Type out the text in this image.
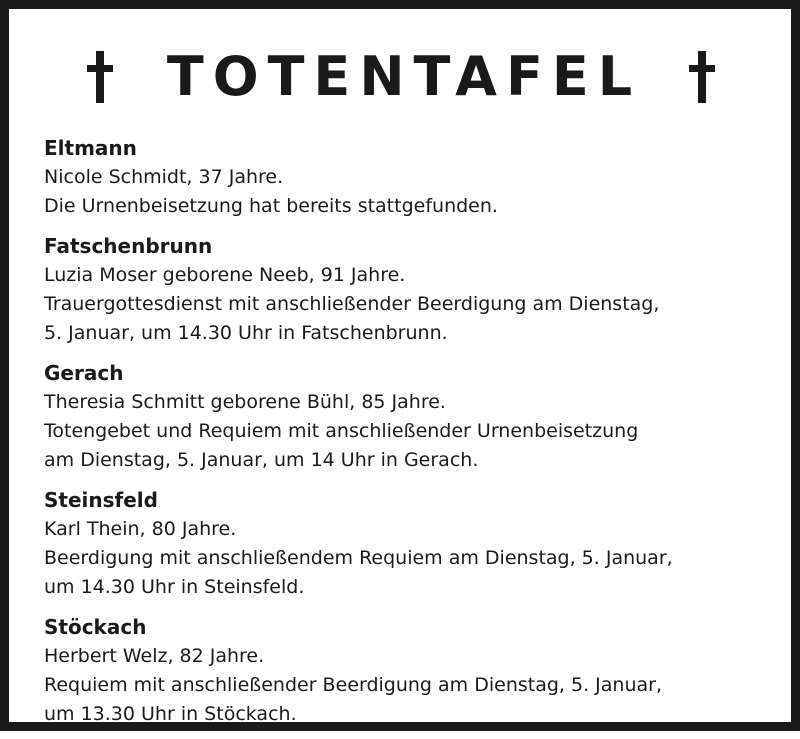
TOTENTAFEL
Eltmann
Nicole Schmidt, 37 Jahre.
Die Urnenbeisetzung hat bereits stattgefunden.
Fatschenbrunn
Luzia Moser geborene Neeb, 91 Jahre.
Trauergottesdienst mit anschließender Beerdigung am Dienstag,
5. Januar, um 14.30 Uhr in Fatschenbrunn.
Gerach
Theresia Schmitt geborene Bühl, 85 Jahre.
Totengebet und Requiem mit anschließender Urnenbeisetzung
am Dienstag, 5. Januar, um 14 Uhr in Gerach.
Steinsfeld
Karl Thein, 80 Jahre.
Beerdigung mit anschließendem Requiem am Dienstag, 5. Januar,
um 14.30 Uhr in Steinsfeld.
Stöckach
Herbert Welz, 82 Jahre.
Requiem mit anschließender Beerdigung am Dienstag, 5. Januar,
um 13.30 Uhr in Stöckach.
